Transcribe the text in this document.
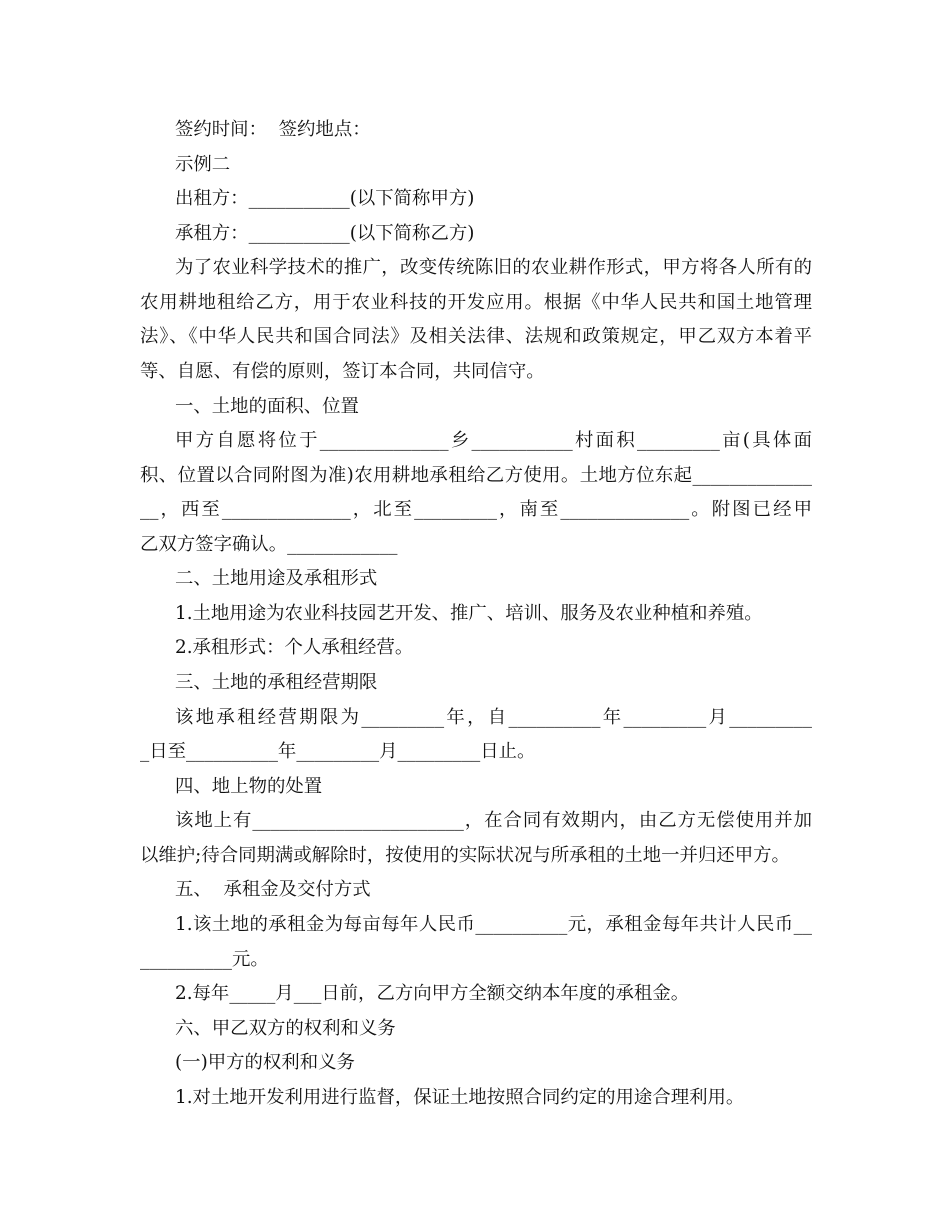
签约时间：  签约地点：
示例二
出租方：___________(以下简称甲方)
承租方：___________(以下简称乙方)
为了农业科学技术的推广，改变传统陈旧的农业耕作形式，甲方将各人所有的
农用耕地租给乙方，用于农业科技的开发应用。根据《中华人民共和国土地管理
法》、《中华人民共和国合同法》及相关法律、法规和政策规定，甲乙双方本着平
等、自愿、有偿的原则，签订本合同，共同信守。
一、土地的面积、位置
甲方自愿将位于______________乡___________村面积_________亩(具体面
积、位置以合同附图为准)农用耕地承租给乙方使用。土地方位东起_____________
__，西至______________，北至_________，南至______________。附图已经甲
乙双方签字确认。____________
二、土地用途及承租形式
1.土地用途为农业科技园艺开发、推广、培训、服务及农业种植和养殖。
2.承租形式：个人承租经营。
三、土地的承租经营期限
该地承租经营期限为_________年，自__________年_________月_________
_日至__________年_________月_________日止。
四、地上物的处置
该地上有_______________________，在合同有效期内，由乙方无偿使用并加
以维护;待合同期满或解除时，按使用的实际状况与所承租的土地一并归还甲方。
五、  承租金及交付方式
1.该土地的承租金为每亩每年人民币__________元，承租金每年共计人民币__
__________元。
2.每年_____月___日前，乙方向甲方全额交纳本年度的承租金。
六、甲乙双方的权利和义务
(一)甲方的权利和义务
1.对土地开发利用进行监督，保证土地按照合同约定的用途合理利用。
